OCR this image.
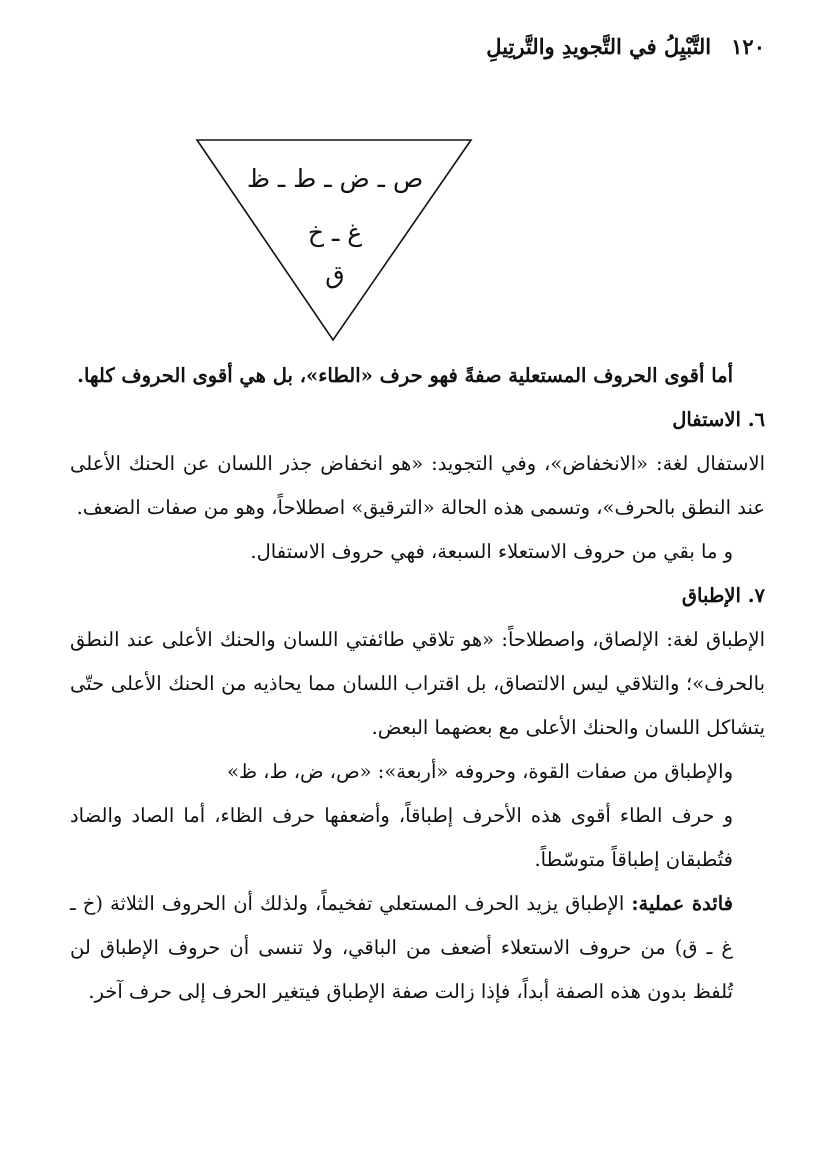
١٢٠
التَّبْيِلُ في التَّجويدِ والتَّرتِيلِ
ص ـ ض ـ ط ـ ظ
غ ـ خ
ق

أما أقوى الحروف المستعلية صفةً فهو حرف «الطاء»، بل هي أقوى الحروف كلها.

٦. الاستفال

الاستفال لغة: «الانخفاض»، وفي التجويد: «هو انخفاض جذر اللسان عن الحنك الأعلى عند النطق بالحرف»، وتسمى هذه الحالة «الترقيق» اصطلاحاً، وهو من صفات الضعف.

و ما بقي من حروف الاستعلاء السبعة، فهي حروف الاستفال.

٧. الإطباق

الإطباق لغة: الإلصاق، واصطلاحاً: «هو تلاقي طائفتي اللسان والحنك الأعلى عند النطق بالحرف»؛ والتلاقي ليس الالتصاق، بل اقتراب اللسان مما يحاذيه من الحنك الأعلى حتّى يتشاكل اللسان والحنك الأعلى مع بعضهما البعض.

والإطباق من صفات القوة، وحروفه «أربعة»: «ص، ض، ط، ظ»

و حرف الطاء أقوى هذه الأحرف إطباقاً، وأضعفها حرف الظاء، أما الصاد والضاد فتُطبقان إطباقاً متوسّطاً.

فائدة عملية: الإطباق يزيد الحرف المستعلي تفخيماً، ولذلك أن الحروف الثلاثة (خ ـ غ ـ ق) من حروف الاستعلاء أضعف من الباقي، ولا تنسى أن حروف الإطباق لن تُلفظ بدون هذه الصفة أبداً، فإذا زالت صفة الإطباق فيتغير الحرف إلى حرف آخر.
